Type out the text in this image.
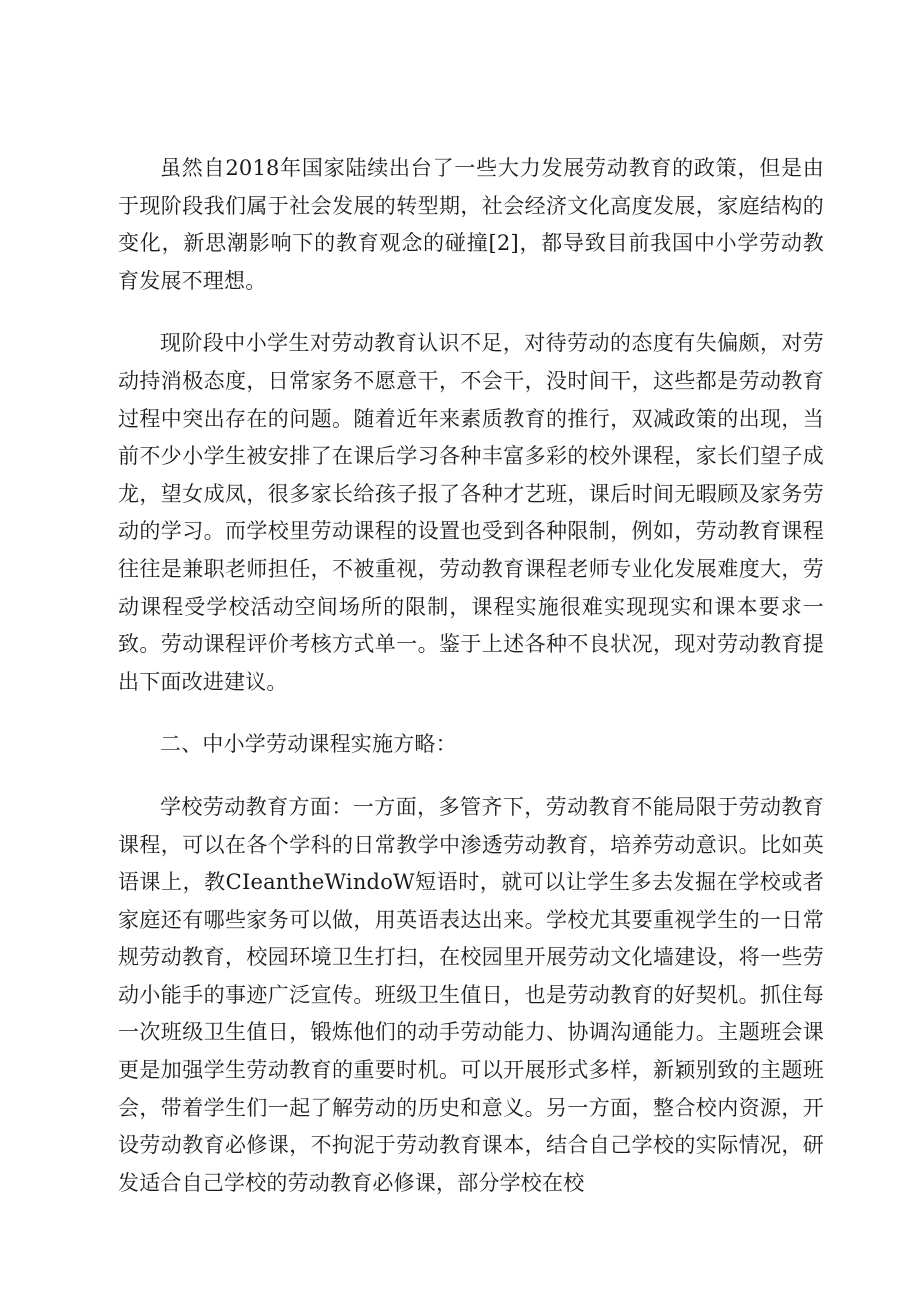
虽然自2018年国家陆续出台了一些大力发展劳动教育的政策，但是由于现阶段我们属于社会发展的转型期，社会经济文化高度发展，家庭结构的变化，新思潮影响下的教育观念的碰撞[2]，都导致目前我国中小学劳动教育发展不理想。

现阶段中小学生对劳动教育认识不足，对待劳动的态度有失偏颇，对劳动持消极态度，日常家务不愿意干，不会干，没时间干，这些都是劳动教育过程中突出存在的问题。随着近年来素质教育的推行，双减政策的出现，当前不少小学生被安排了在课后学习各种丰富多彩的校外课程，家长们望子成龙，望女成凤，很多家长给孩子报了各种才艺班，课后时间无暇顾及家务劳动的学习。而学校里劳动课程的设置也受到各种限制，例如，劳动教育课程往往是兼职老师担任，不被重视，劳动教育课程老师专业化发展难度大，劳动课程受学校活动空间场所的限制，课程实施很难实现现实和课本要求一致。劳动课程评价考核方式单一。鉴于上述各种不良状况，现对劳动教育提出下面改进建议。

二、中小学劳动课程实施方略：

学校劳动教育方面：一方面，多管齐下，劳动教育不能局限于劳动教育课程，可以在各个学科的日常教学中渗透劳动教育，培养劳动意识。比如英语课上，教CIeantheWindoW短语时，就可以让学生多去发掘在学校或者家庭还有哪些家务可以做，用英语表达出来。学校尤其要重视学生的一日常规劳动教育，校园环境卫生打扫，在校园里开展劳动文化墙建设，将一些劳动小能手的事迹广泛宣传。班级卫生值日，也是劳动教育的好契机。抓住每一次班级卫生值日，锻炼他们的动手劳动能力、协调沟通能力。主题班会课更是加强学生劳动教育的重要时机。可以开展形式多样，新颖别致的主题班会，带着学生们一起了解劳动的历史和意义。另一方面，整合校内资源，开设劳动教育必修课，不拘泥于劳动教育课本，结合自己学校的实际情况，研发适合自己学校的劳动教育必修课，部分学校在校
